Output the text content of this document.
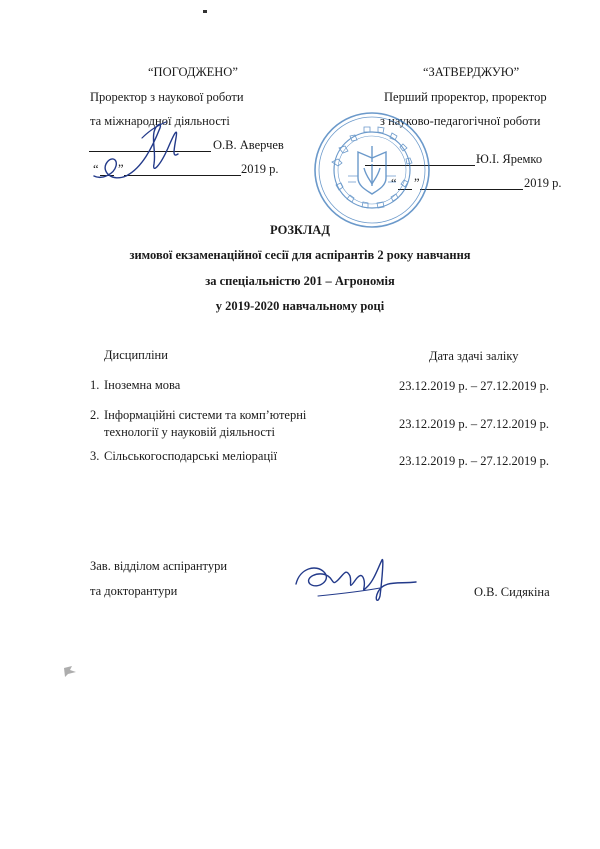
“ПОГОДЖЕНО”
Проректор з наукової роботи
та міжнародної діяльності
О.В. Аверчев
“ ”	2019 р.
“ЗАТВЕРДЖУЮ”
Перший проректор, проректор
з науково-педагогічної роботи
Ю.І. Яремко
“ ”	2019 р.
РОЗКЛАД
зимової екзаменаційної сесії для аспірантів 2 року навчання
за спеціальністю 201 – Агрономія
у 2019-2020 навчальному році
Дисципліни	Дата здачі заліку
1. Іноземна мова	23.12.2019 р. – 27.12.2019 р.
2. Інформаційні системи та комп’ютерні
технології у науковій діяльності
23.12.2019 р. – 27.12.2019 р.
3. Сільськогосподарські меліорації	23.12.2019 р. – 27.12.2019 р.
Зав. відділом аспірантури
та докторантури	О.В. Сидякіна
